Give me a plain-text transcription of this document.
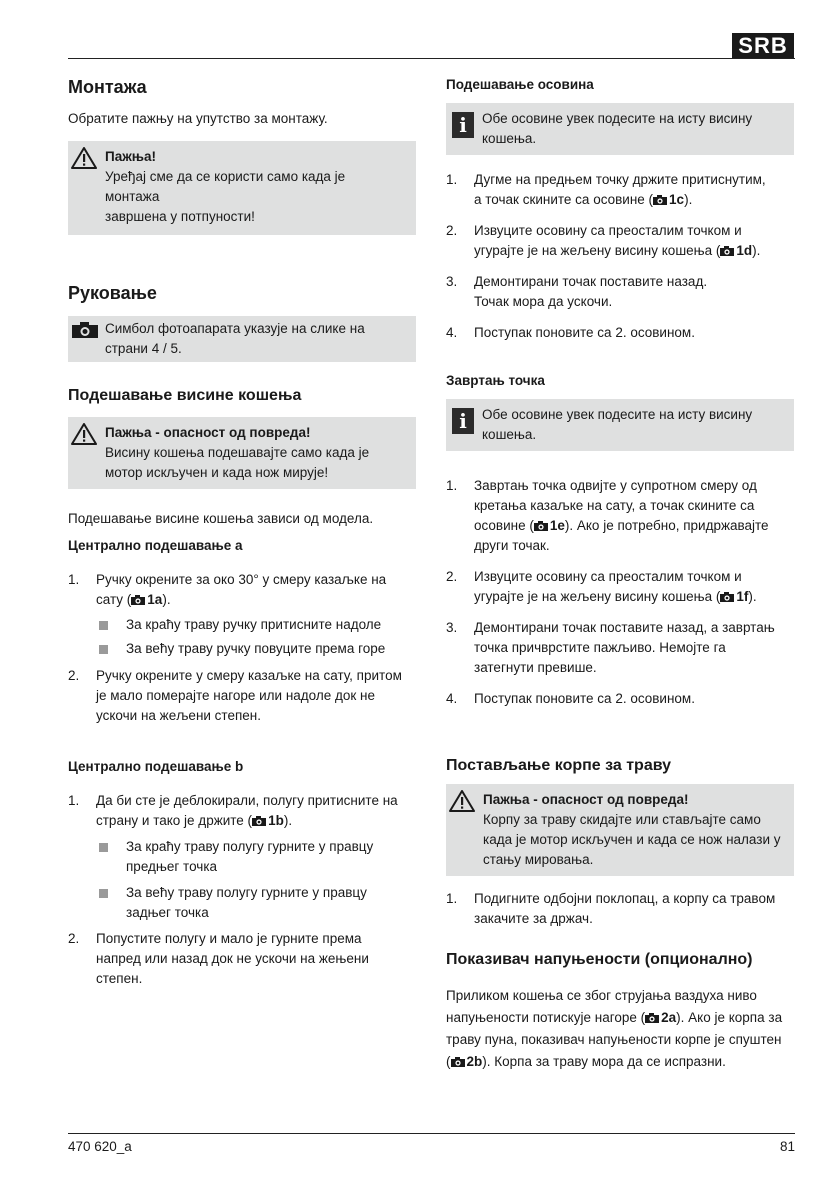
SRB
Монтажа

Обратите пажњу на упутство за монтажу.

Пажња!
Уређај сме да се користи само када је
монтажа
завршена у потпуности!
Руковање
Симбол фотоапарата указује на слике на
страни 4 / 5.
Подешавање висине кошења
Пажња - опасност од повреда!
Висину кошења подешавајте само када је
мотор искључен и када нож мирује!

Подешавање висине кошења зависи од модела.

Централно подешавање а
1. Ручку окрените за око 30° у смеру казаљке на
сату ( 1a).
За краћу траву ручку притисните надоле
За већу траву ручку повуците према горе
2. Ручку окрените у смеру казаљке на сату, притом
је мало померајте нагоре или надоле док не
ускочи на жељени степен.
Централно подешавање b
1. Да би сте је деблокирали, полугу притисните на
страну и тако је држите ( 1b).
За краћу траву полугу гурните у правцу
предњег точка
За већу траву полугу гурните у правцу
задњег точка
2. Попустите полугу и мало је гурните према
напред или назад док не ускочи на жењени
степен.
Подешавање осовина
i	Обе осовине увек подесите на исту висину
кошења.
1. Дугме на предњем точку држите притиснутим,
а точак скините са осовине ( 1c).
2. Извуците осовину са преосталим точком и
угурајте је на жељену висину кошења ( 1d).
3. Демонтирани точак поставите назад.
Точак мора да ускочи.
4. Поступак поновите са 2. осовином.
Завртањ точка
i	Обе осовине увек подесите на исту висину
кошења.
1. Завртањ точка одвијте у супротном смеру од
кретања казаљке на сату, а точак скините са
осовине ( 1e). Ако је потребно, придржавајте
други точак.
2. Извуците осовину са преосталим точком и
угурајте је на жељену висину кошења ( 1f).
3. Демонтирани точак поставите назад, а завртањ
точка причврстите пажљиво. Немојте га
затегнути превише.
4. Поступак поновите са 2. осовином.
Постављање корпе за траву
Пажња - опасност од повреда!
Корпу за траву скидајте или стављајте само
када је мотор искључен и када се нож налази у
стању мировања.
1. Подигните одбојни поклопац, а корпу са травом
закачите за држач.
Показивач напуњености (опционално)
Приликом кошења се због струјања ваздуха ниво
напуњености потискује нагоре ( 2a). Ако је корпа за
траву пуна, показивач напуњености корпе је спуштен
( 2b). Корпа за траву мора да се испразни.
470 620_a	81
